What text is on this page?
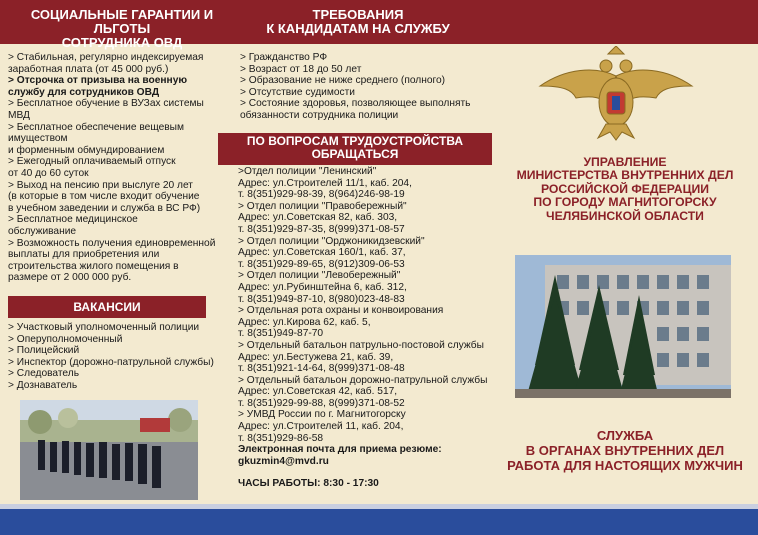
СОЦИАЛЬНЫЕ ГАРАНТИИ И ЛЬГОТЫ
СОТРУДНИКА ОВД
ТРЕБОВАНИЯ
К КАНДИДАТАМ НА СЛУЖБУ
> Стабильная, регулярно индексируемая
заработная плата (от 45 000 руб.)
> Отсрочка от призыва на военную
службу для сотрудников ОВД
> Бесплатное обучение в ВУЗах системы
МВД
> Бесплатное обеспечение вещевым
имуществом
и форменным обмундированием
> Ежегодный оплачиваемый отпуск
от 40 до 60 суток
> Выход на пенсию при выслуге 20 лет
(в которые в том числе входит обучение
в учебном заведении и служба в ВС РФ)
> Бесплатное медицинское
обслуживание
> Возможность получения единовременной
выплаты для приобретения или
строительства жилого помещения в
размере от 2 000 000 руб.
ВАКАНСИИ
> Участковый уполномоченный полиции
> Оперуполномоченный
> Полицейский
> Инспектор (дорожно-патрульной службы)
> Следователь
> Дознаватель
> Гражданство РФ
> Возраст от 18 до 50 лет
> Образование не ниже среднего (полного)
> Отсутствие судимости
> Состояние здоровья, позволяющее выполнять
обязанности сотрудника полиции
ПО ВОПРОСАМ ТРУДОУСТРОЙСТВА
ОБРАЩАТЬСЯ
>Отдел полиции "Ленинский"
Адрес: ул.Строителей 11/1, каб. 204,
т. 8(351)929-98-39, 8(964)246-98-19
> Отдел полиции "Правобережный"
Адрес: ул.Советская 82, каб. 303,
т. 8(351)929-87-35, 8(999)371-08-57
> Отдел полиции "Орджоникидзевский"
Адрес: ул.Советская 160/1, каб. 37,
т. 8(351)929-89-65, 8(912)309-06-53
> Отдел полиции "Левобережный"
Адрес: ул.Рубинштейна 6, каб. 312,
т. 8(351)949-87-10, 8(980)023-48-83
> Отдельная рота охраны и конвоирования
Адрес: ул.Кирова 62, каб. 5,
т. 8(351)949-87-70
> Отдельный батальон патрульно-постовой службы
Адрес: ул.Бестужева 21, каб. 39,
т. 8(351)921-14-64, 8(999)371-08-48
> Отдельный батальон дорожно-патрульной службы
Адрес: ул.Советская 42, каб. 517,
т. 8(351)929-99-88, 8(999)371-08-52
> УМВД России по г. Магнитогорску
Адрес: ул.Строителей 11, каб. 204,
т. 8(351)929-86-58
Электронная почта для приема резюме:
gkuzmin4@mvd.ru
ЧАСЫ РАБОТЫ: 8:30 - 17:30
УПРАВЛЕНИЕ
МИНИСТЕРСТВА ВНУТРЕННИХ ДЕЛ
РОССИЙСКОЙ ФЕДЕРАЦИИ
ПО ГОРОДУ МАГНИТОГОРСКУ
ЧЕЛЯБИНСКОЙ ОБЛАСТИ
СЛУЖБА
В ОРГАНАХ ВНУТРЕННИХ ДЕЛ
РАБОТА ДЛЯ НАСТОЯЩИХ МУЖЧИН
